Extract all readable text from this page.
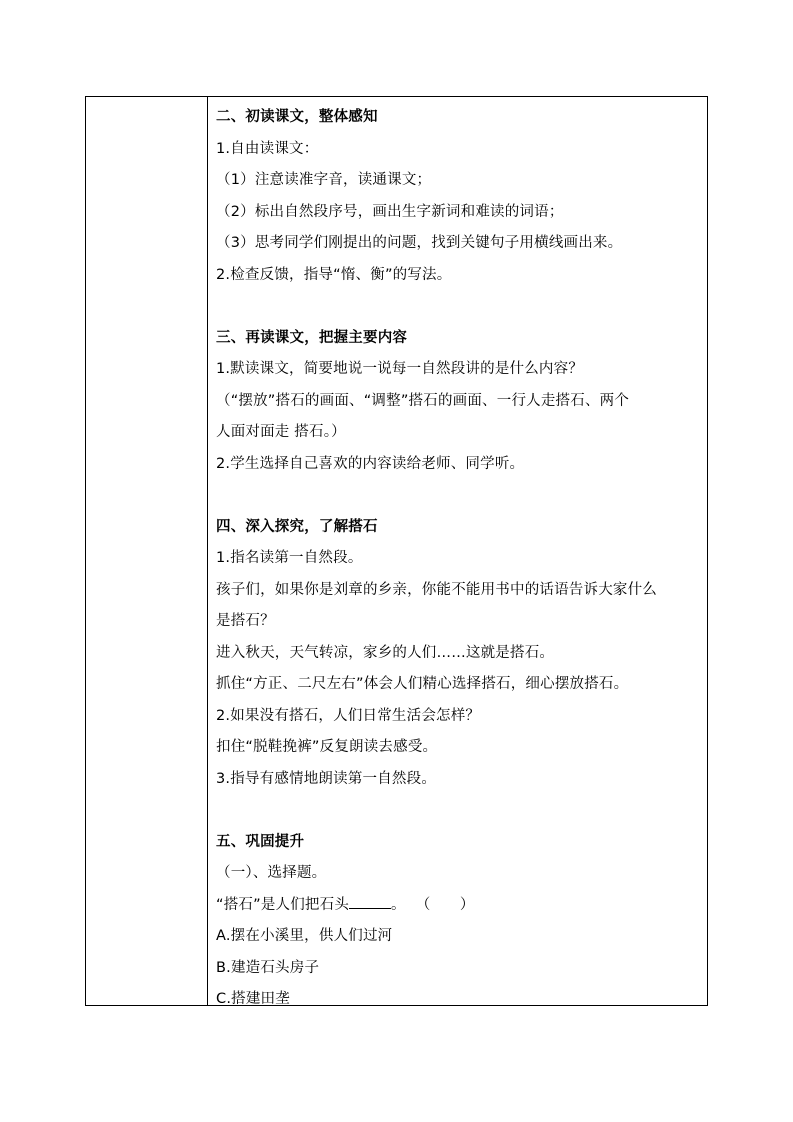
二、初读课文，整体感知
1.自由读课文：
（1）注意读准字音，读通课文；
（2）标出自然段序号，画出生字新词和难读的词语；
（3）思考同学们刚提出的问题，找到关键句子用横线画出来。
2.检查反馈，指导“惰、衡”的写法。
三、再读课文，把握主要内容
1.默读课文，简要地说一说每一自然段讲的是什么内容？
（“摆放”搭石的画面、“调整”搭石的画面、一行人走搭石、两个
人面对面走 搭石。）
2.学生选择自己喜欢的内容读给老师、同学听。
四、深入探究，了解搭石
1.指名读第一自然段。
孩子们，如果你是刘章的乡亲，你能不能用书中的话语告诉大家什么
是搭石？
进入秋天，天气转凉，家乡的人们……这就是搭石。
抓住“方正、二尺左右”体会人们精心选择搭石，细心摆放搭石。
2.如果没有搭石，人们日常生活会怎样？
扣住“脱鞋挽裤”反复朗读去感受。
3.指导有感情地朗读第一自然段。
五、巩固提升
（一）、选择题。
“搭石”是人们把石头	。 （　　）
A.摆在小溪里，供人们过河
B.建造石头房子
C.搭建田垄
